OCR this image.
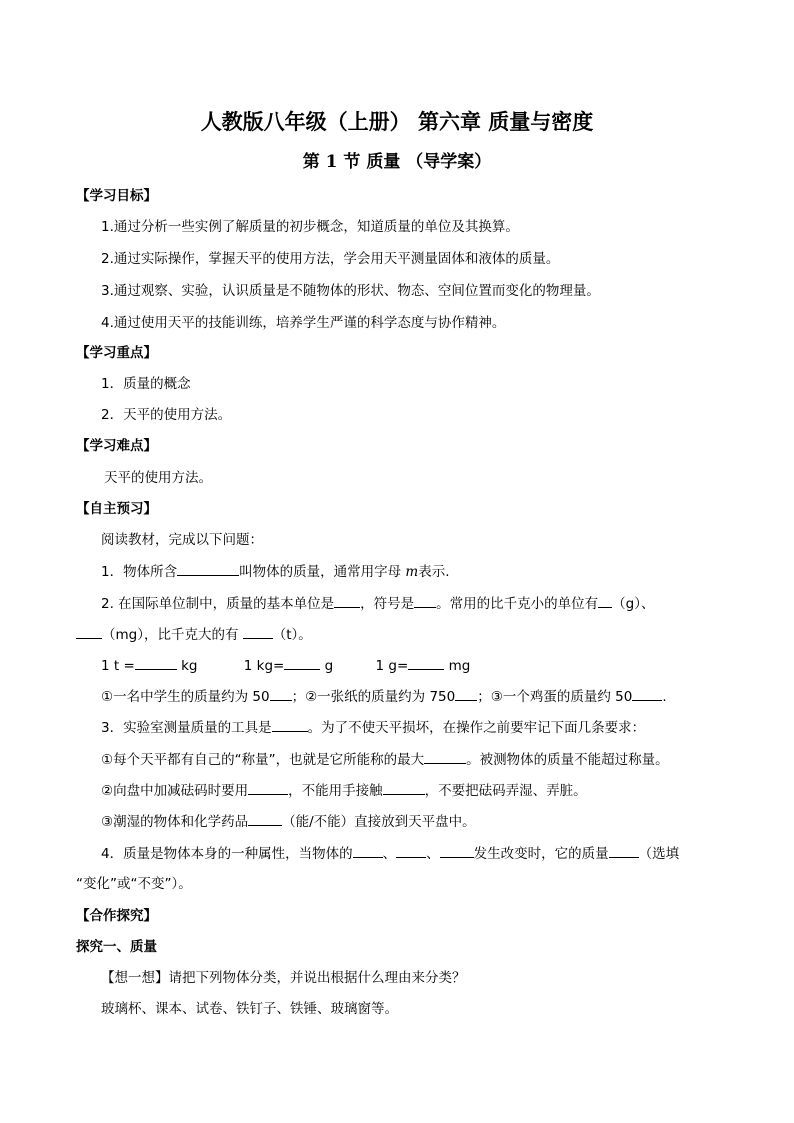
人教版八年级（上册） 第六章 质量与密度
第 1 节 质量 （导学案）
【学习目标】
1.通过分析一些实例了解质量的初步概念，知道质量的单位及其换算。
2.通过实际操作，掌握天平的使用方法，学会用天平测量固体和液体的质量。
3.通过观察、实验，认识质量是不随物体的形状、物态、空间位置而变化的物理量。
4.通过使用天平的技能训练，培养学生严谨的科学态度与协作精神。
【学习重点】
1．质量的概念
2．天平的使用方法。
【学习难点】
天平的使用方法。
【自主预习】
阅读教材，完成以下问题：
1．物体所含	叫物体的质量，通常用字母 m表示.
2. 在国际单位制中，质量的基本单位是 ，符号是 。常用的比千克小的单位有 （g）、
（mg），比千克大的有 （t）。
1 t =	kg	1 kg=	g	1 g=	mg
①一名中学生的质量约为 50 ；②一张纸的质量约为 750 ；③一个鸡蛋的质量约 50 .
3．实验室测量质量的工具是	。为了不使天平损坏，在操作之前要牢记下面几条要求：
①每个天平都有自己的“称量”，也就是它所能称的最大	。被测物体的质量不能超过称量。
②向盘中加减砝码时要用	，不能用手接触	，不要把砝码弄湿、弄脏。
③潮湿的物体和化学药品	（能/不能）直接放到天平盘中。
4．质量是物体本身的一种属性，当物体的 、 、	发生改变时，它的质量 （选填
“变化”或“不变”）。
【合作探究】
探究一、质量
【想一想】请把下列物体分类，并说出根据什么理由来分类？
玻璃杯、课本、试卷、铁钉子、铁锤、玻璃窗等。
